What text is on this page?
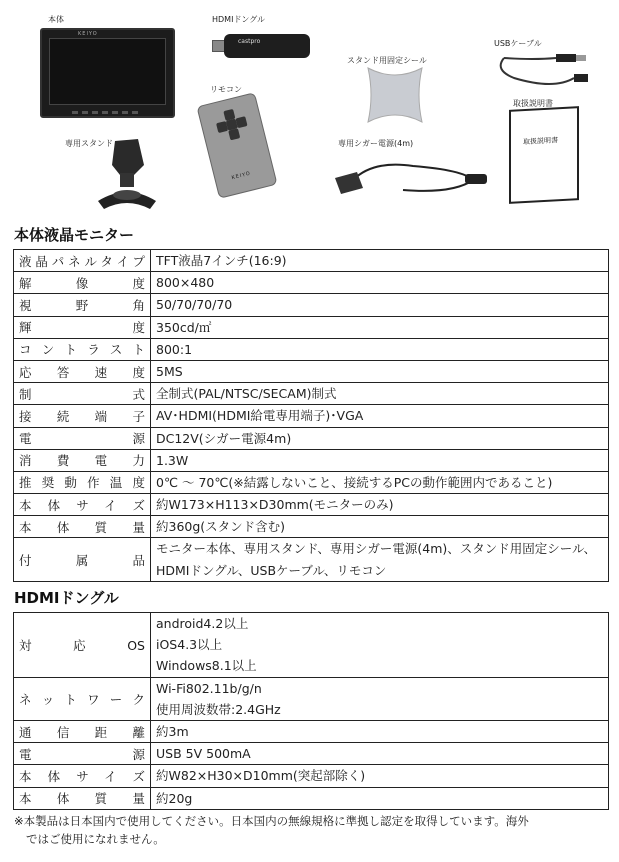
本体
KEIYO
HDMIドングル
castpro
リモコン
KEIYO
専用スタンド
スタンド用固定シール
USBケーブル
取扱説明書
取扱説明書
専用シガー電源(4m)
本体液晶モニター
液晶パネルタイプ	TFT液晶7インチ(16:9)

解像度	800×480

視野角	50/70/70/70

輝度	350cd/㎡

コントラスト	800:1

応答速度	5MS

制式	全制式(PAL/NTSC/SECAM)制式

接続端子	AV･HDMI(HDMI給電専用端子)･VGA

電源	DC12V(シガー電源4m)

消費電力	1.3W

推奨動作温度	0℃ ～ 70℃(※結露しないこと、接続するPCの動作範囲内であること)

本体サイズ	約W173×H113×D30mm(モニターのみ)

本体質量	約360g(スタンド含む)

付属品	モニター本体、専用スタンド、専用シガー電源(4m)、スタンド用固定シール、
HDMIドングル、USBケーブル、リモコン
HDMIドングル
対応OS	android4.2以上
iOS4.3以上
Windows8.1以上

ネットワーク	Wi-Fi802.11b/g/n
使用周波数帯:2.4GHz

通信距離	約3m

電源	USB 5V 500mA

本体サイズ	約W82×H30×D10mm(突起部除く)

本体質量	約20g
※本製品は日本国内で使用してください。日本国内の無線規格に準拠し認定を取得しています。海外
ではご使用になれません。
